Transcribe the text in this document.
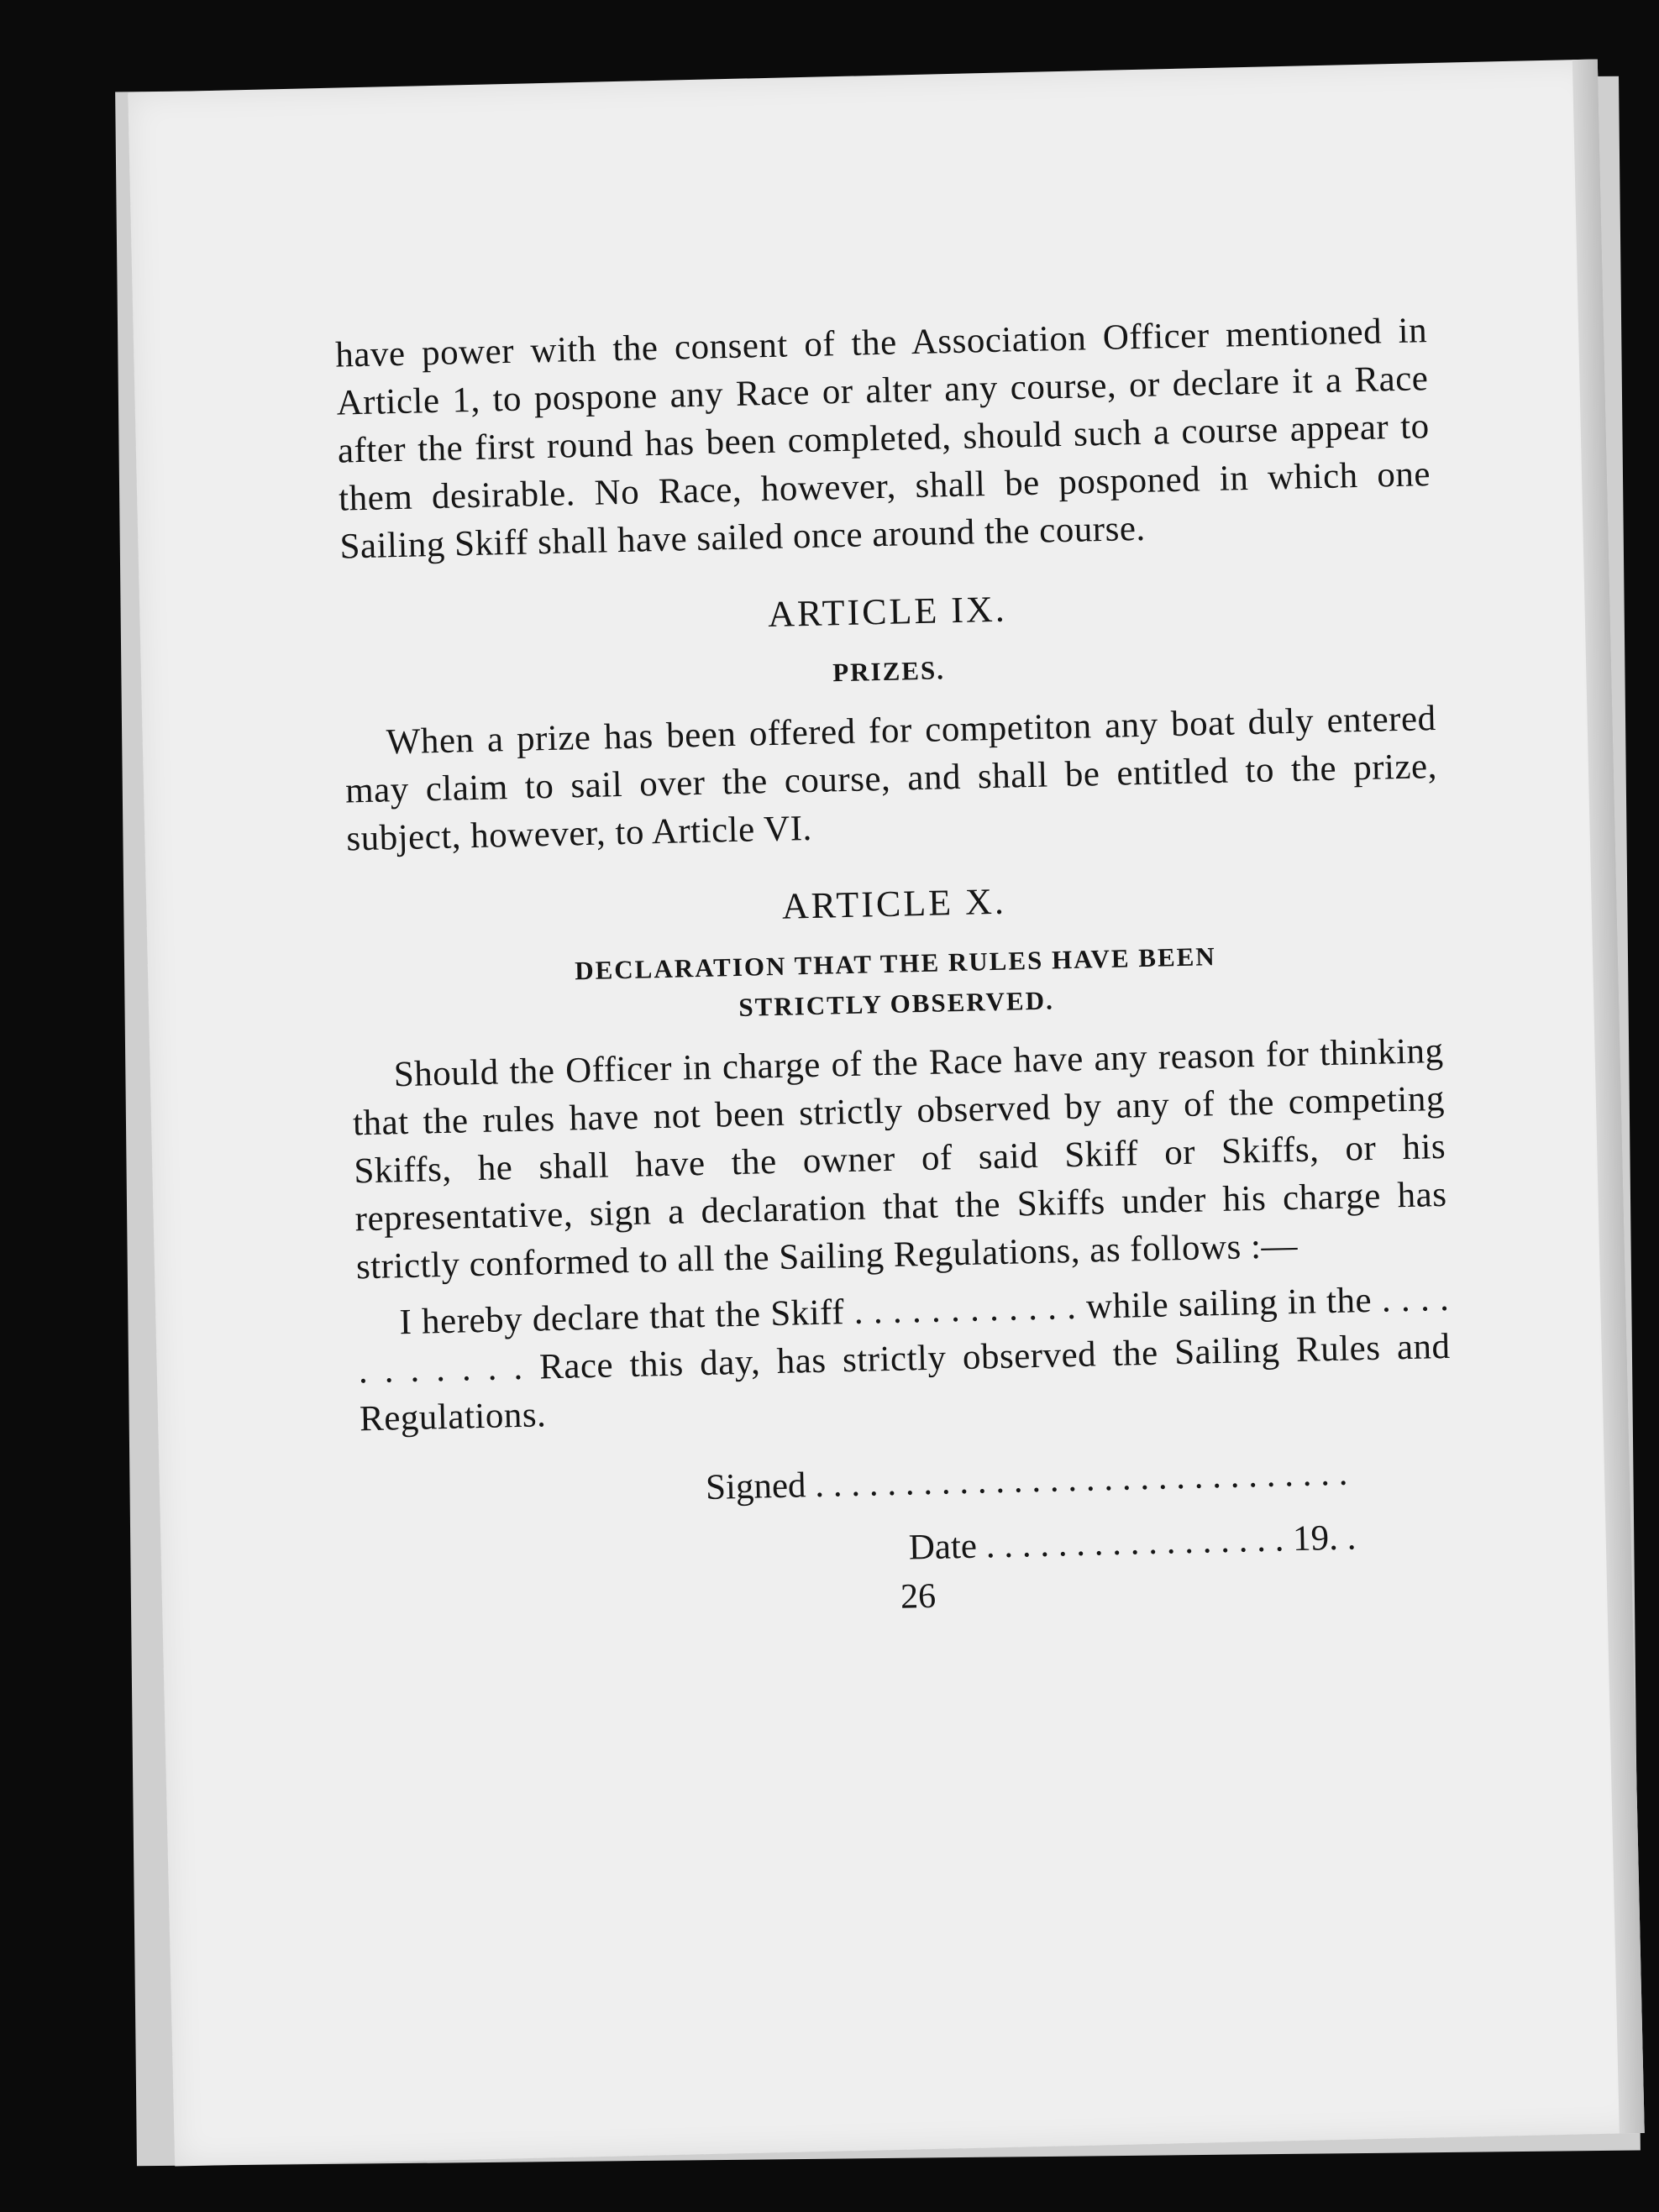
have power with the consent of the Association Officer mentioned in Article 1, to pospone any Race or alter any course, or declare it a Race after the first round has been completed, should such a course appear to them desirable. No Race, however, shall be posponed in which one Sailing Skiff shall have sailed once around the course.

ARTICLE IX.
PRIZES.

When a prize has been offered for competiton any boat duly entered may claim to sail over the course, and shall be entitled to the prize, subject, however, to Article VI.

ARTICLE X.
DECLARATION THAT THE RULES HAVE BEEN
STRICTLY OBSERVED.

Should the Officer in charge of the Race have any reason for thinking that the rules have not been strictly observed by any of the competing Skiffs, he shall have the owner of said Skiff or Skiffs, or his representative, sign a declaration that the Skiffs under his charge has strictly conformed to all the Sailing Regulations, as follows :—

I hereby declare that the Skiff . . . . . . . . . . . . while sailing in the . . . . . . . . . . . Race this day, has strictly observed the Sailing Rules and Regulations.

Signed . . . . . . . . . . . . . . . . . . . . . . . . . . . . . .
Date . . . . . . . . . . . . . . . . . 19. .
26
